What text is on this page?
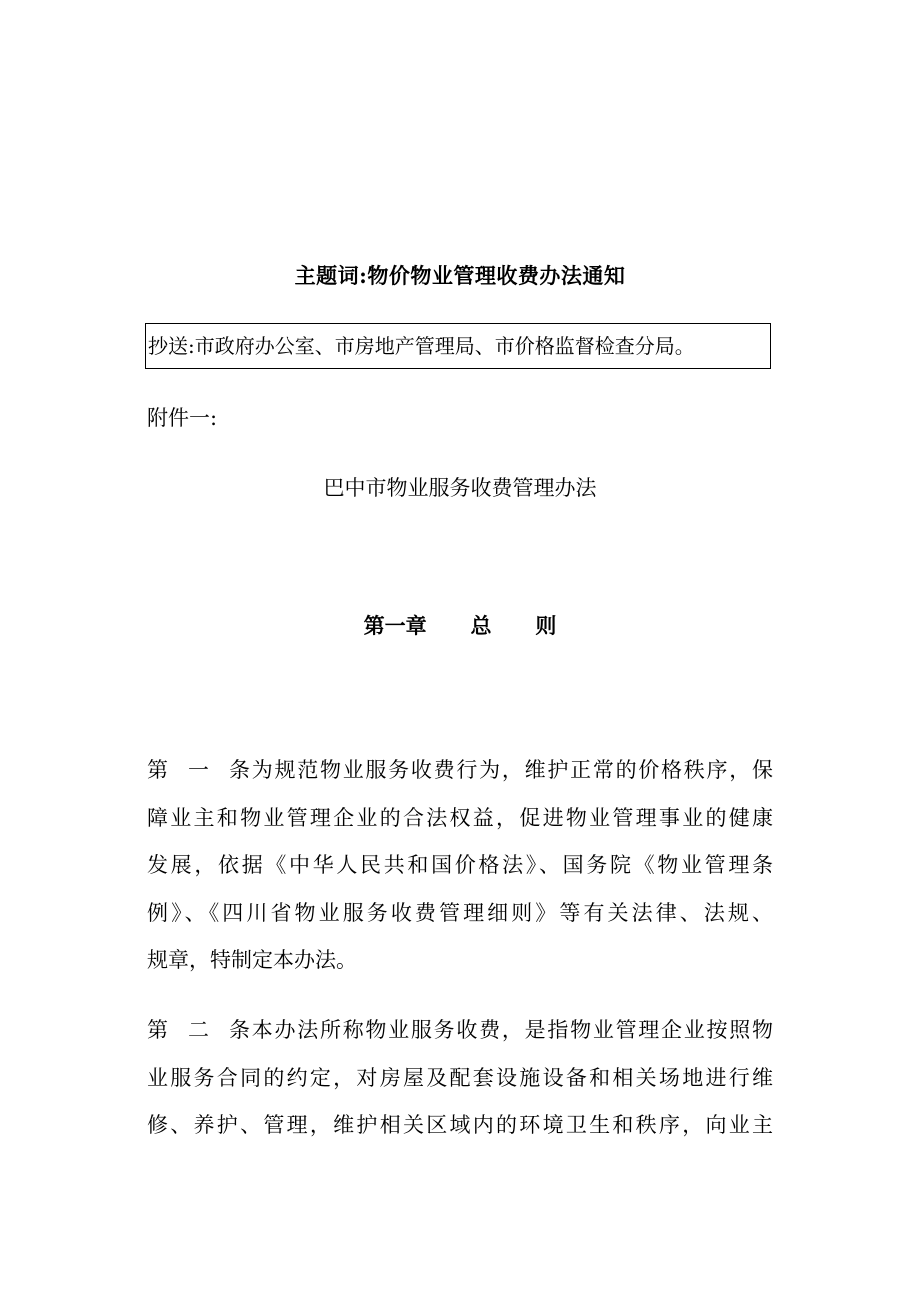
主题词:物价物业管理收费办法通知
抄送:市政府办公室、市房地产管理局、市价格监督检查分局。
附件一:
巴中市物业服务收费管理办法
第一章 总 则
第一条为规范物业服务收费行为，维护正常的价格秩序，保
障业主和物业管理企业的合法权益，促进物业管理事业的健康
发展，依据《中华人民共和国价格法》、国务院《物业管理条
例》、《四川省物业服务收费管理细则》等有关法律、法规、
规章，特制定本办法。
第二条本办法所称物业服务收费，是指物业管理企业按照物
业服务合同的约定，对房屋及配套设施设备和相关场地进行维
修、养护、管理，维护相关区域内的环境卫生和秩序，向业主
